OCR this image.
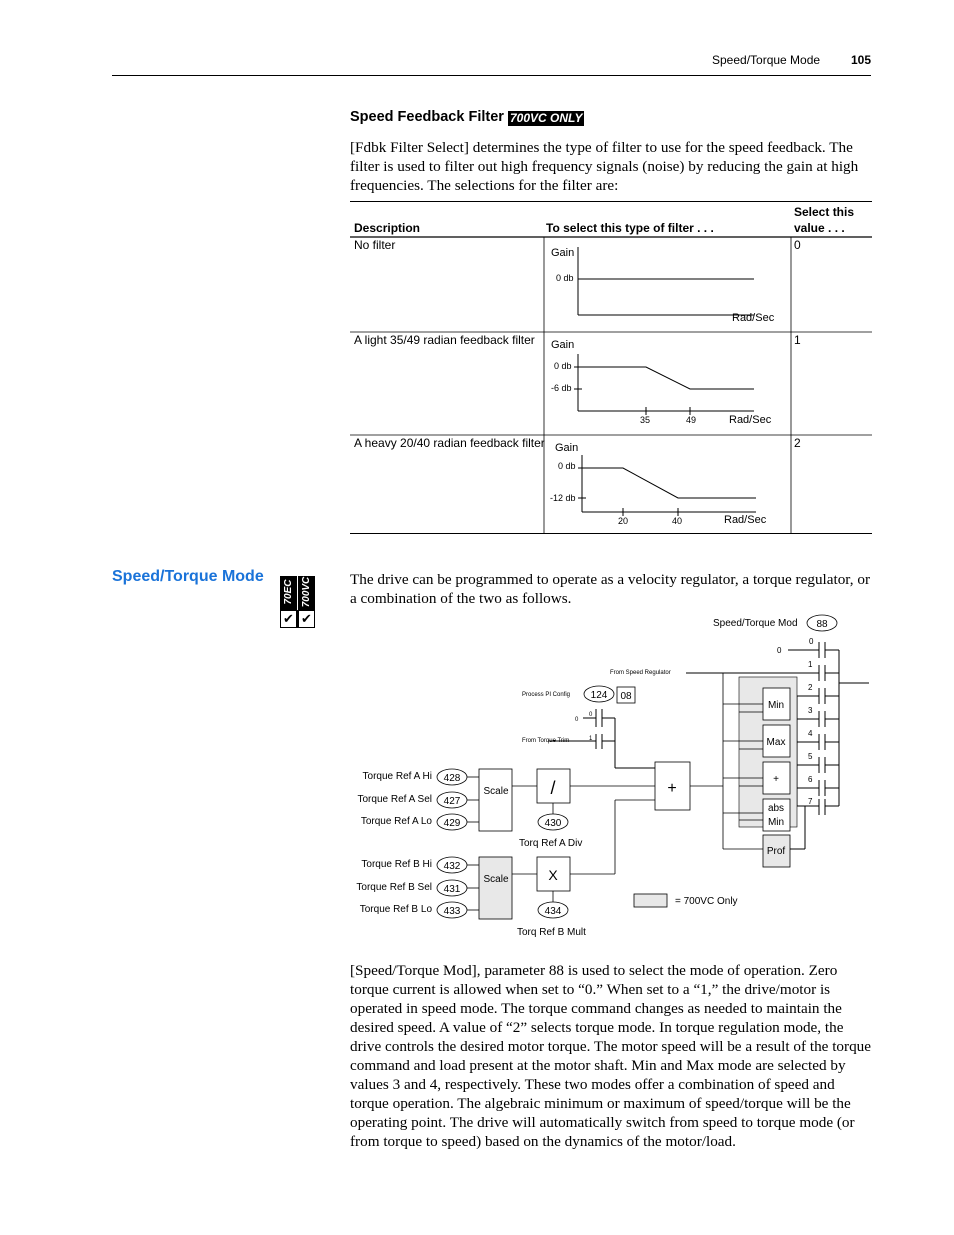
Speed/Torque Mode	105
Speed Feedback Filter 700VC ONLY
[Fdbk Filter Select] determines the type of filter to use for the speed feedback. The filter is used to filter out high frequency signals (noise) by reducing the gain at high frequencies. The selections for the filter are:
Description	To select this type of filter . . .
Select this value . . .
No filter	0
Gain
0 db
Rad/Sec
A light 35/49 radian feedback filter	1
Gain
0 db
-6 db
35	49	Rad/Sec
A heavy 20/40 radian feedback filter	2
Gain
0 db
-12 db
20	40	Rad/Sec
Speed/Torque Mode
70EC 700VC
✔ ✔
The drive can be programmed to operate as a velocity regulator, a torque regulator, or a combination of the two as follows.
Speed/Torque Mod 88
0
1
2
3
4
5
6
7
0
From Speed Regulator
Min
Max
+
abs
Min
Prof
Process PI Config 124 08
0
0
1
From Torque Trim
+
Scale /
428
427
429
Torque Ref A Hi
Torque Ref A Sel
Torque Ref A Lo	430
Torq Ref A Div
Scale	X
432
431
433
Torque Ref B Hi
Torque Ref B Sel
Torque Ref B Lo	434
Torq Ref B Mult
= 700VC Only
[Speed/Torque Mod], parameter 88 is used to select the mode of operation. Zero torque current is allowed when set to “0.” When set to a “1,” the drive/motor is operated in speed mode. The torque command changes as needed to maintain the desired speed. A value of “2” selects torque mode. In torque regulation mode, the drive controls the desired motor torque. The motor speed will be a result of the torque command and load present at the motor shaft. Min and Max mode are selected by values 3 and 4, respectively. These two modes offer a combination of speed and torque operation. The algebraic minimum or maximum of speed/torque will be the operating point. The drive will automatically switch from speed to torque mode (or from torque to speed) based on the dynamics of the motor/load.
